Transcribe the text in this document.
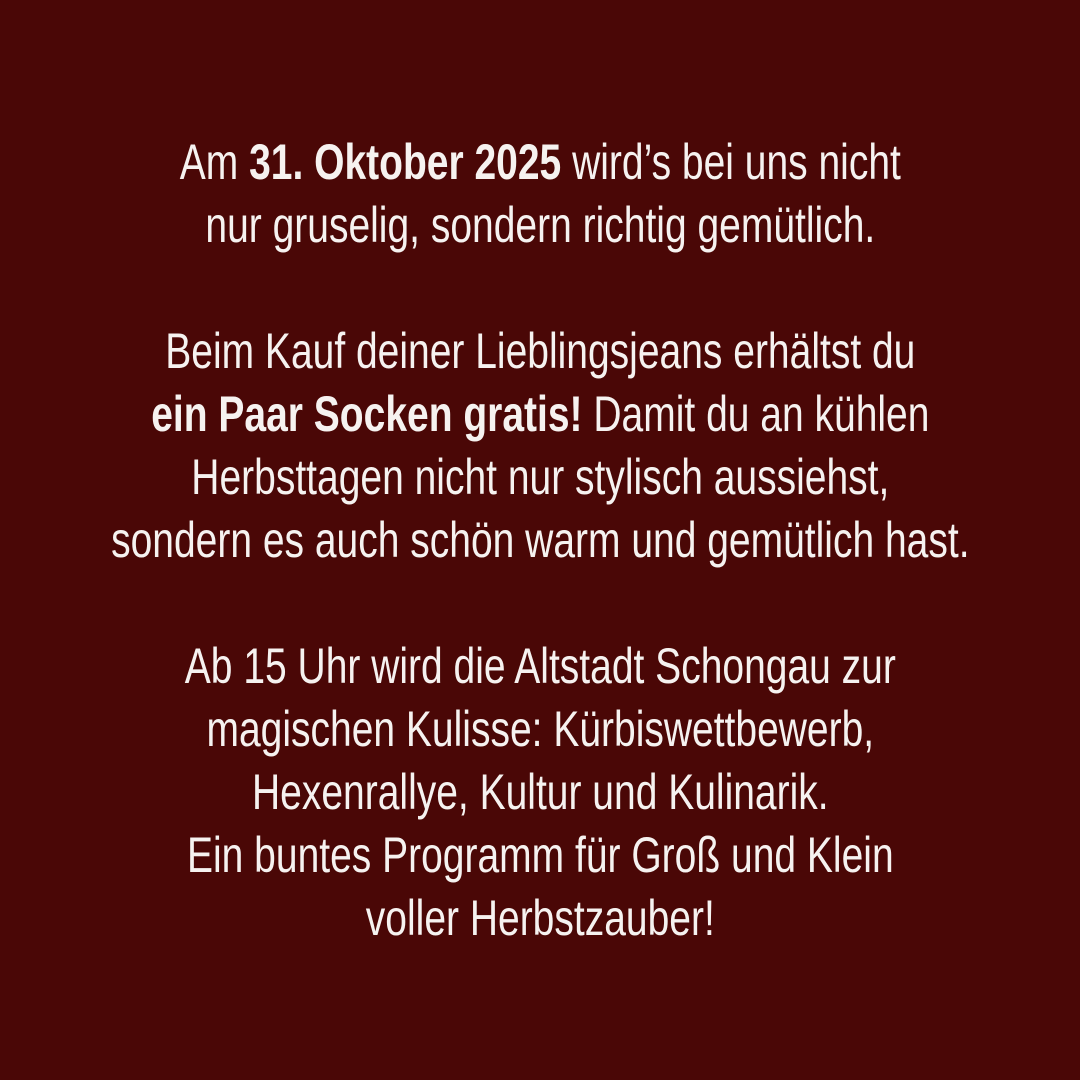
Am 31. Oktober 2025 wird’s bei uns nicht
nur gruselig, sondern richtig gemütlich.

Beim Kauf deiner Lieblingsjeans erhältst du
ein Paar Socken gratis! Damit du an kühlen
Herbsttagen nicht nur stylisch aussiehst,
sondern es auch schön warm und gemütlich hast.

Ab 15 Uhr wird die Altstadt Schongau zur
magischen Kulisse: Kürbiswettbewerb,
Hexenrallye, Kultur und Kulinarik.
Ein buntes Programm für Groß und Klein
voller Herbstzauber!
